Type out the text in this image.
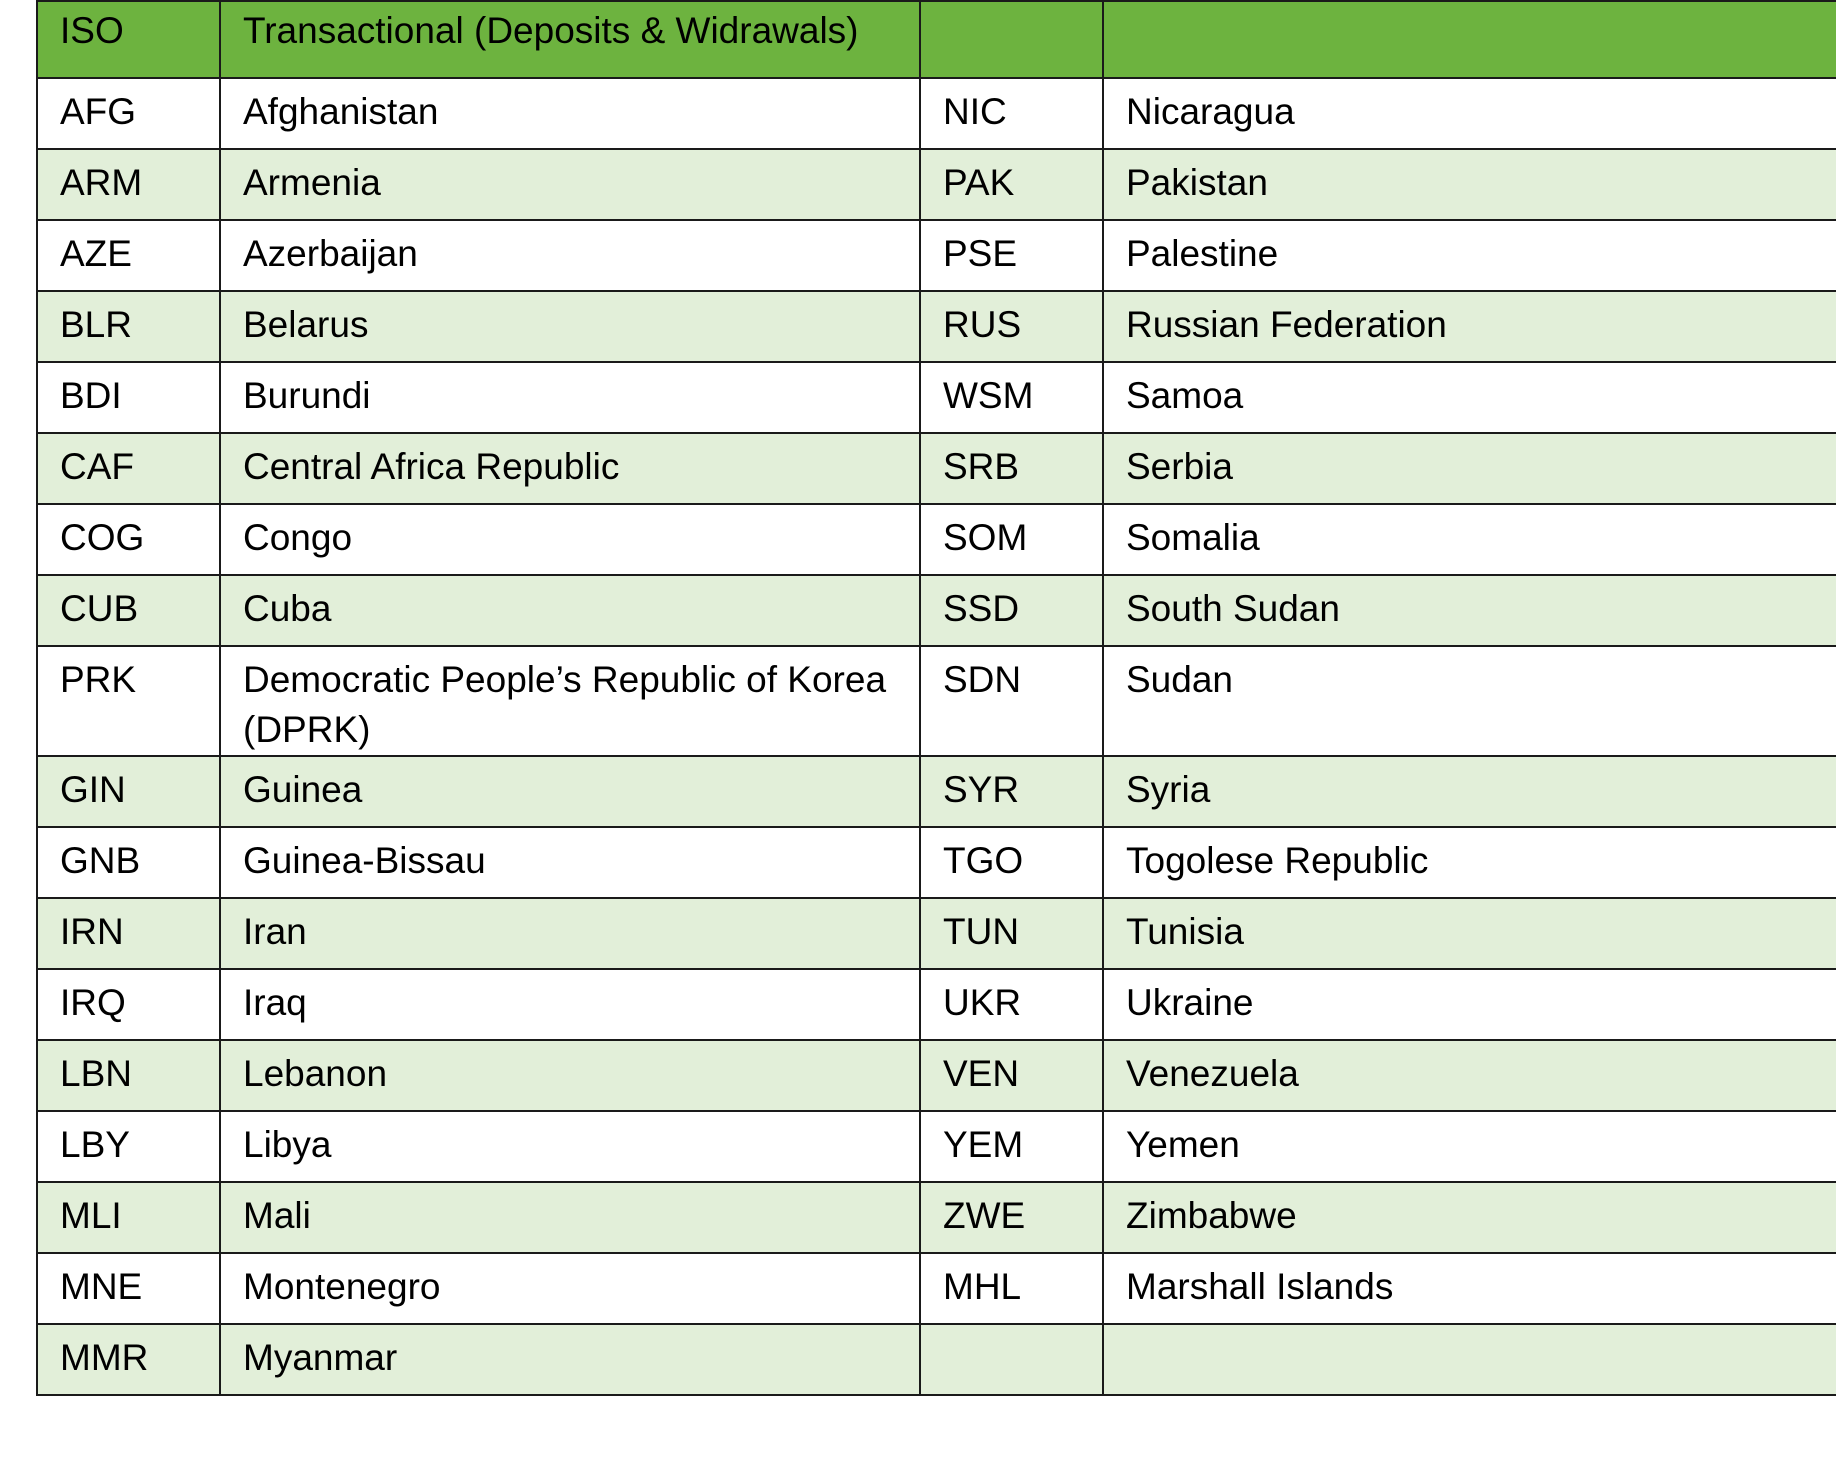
ISO	Transactional (Deposits & Widrawals)		
AFG	Afghanistan	NIC	Nicaragua
ARM	Armenia	PAK	Pakistan
AZE	Azerbaijan	PSE	Palestine
BLR	Belarus	RUS	Russian Federation
BDI	Burundi	WSM	Samoa
CAF	Central Africa Republic	SRB	Serbia
COG	Congo	SOM	Somalia
CUB	Cuba	SSD	South Sudan
PRK	Democratic People’s Republic of Korea (DPRK)	SDN	Sudan
GIN	Guinea	SYR	Syria
GNB	Guinea-Bissau	TGO	Togolese Republic
IRN	Iran	TUN	Tunisia
IRQ	Iraq	UKR	Ukraine
LBN	Lebanon	VEN	Venezuela
LBY	Libya	YEM	Yemen
MLI	Mali	ZWE	Zimbabwe
MNE	Montenegro	MHL	Marshall Islands
MMR	Myanmar		
